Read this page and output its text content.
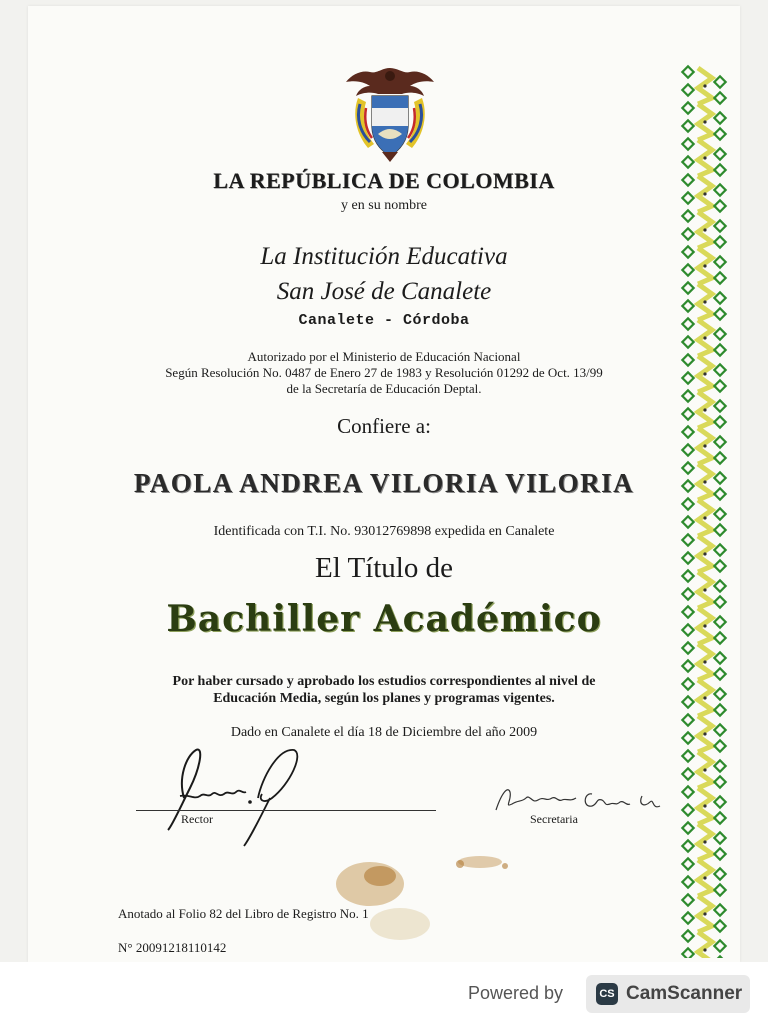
LA REPÚBLICA DE COLOMBIA
y en su nombre
La Institución Educativa
San José de Canalete
Canalete - Córdoba
Autorizado por el Ministerio de Educación Nacional
Según Resolución No. 0487 de Enero 27 de 1983 y Resolución 01292 de Oct. 13/99
de la Secretaría de Educación Deptal.
Confiere a:
PAOLA ANDREA VILORIA VILORIA
Identificada con T.I. No. 93012769898 expedida en Canalete
El Título de
Bachiller Académico
Por haber cursado y aprobado los estudios correspondientes al nivel de
Educación Media, según los planes y programas vigentes.
Dado en Canalete el día 18 de Diciembre del año 2009
Rector	Secretaria
Anotado al Folio 82 del Libro de Registro No. 1
N° 20091218110142
Powered by	CS CamScanner
